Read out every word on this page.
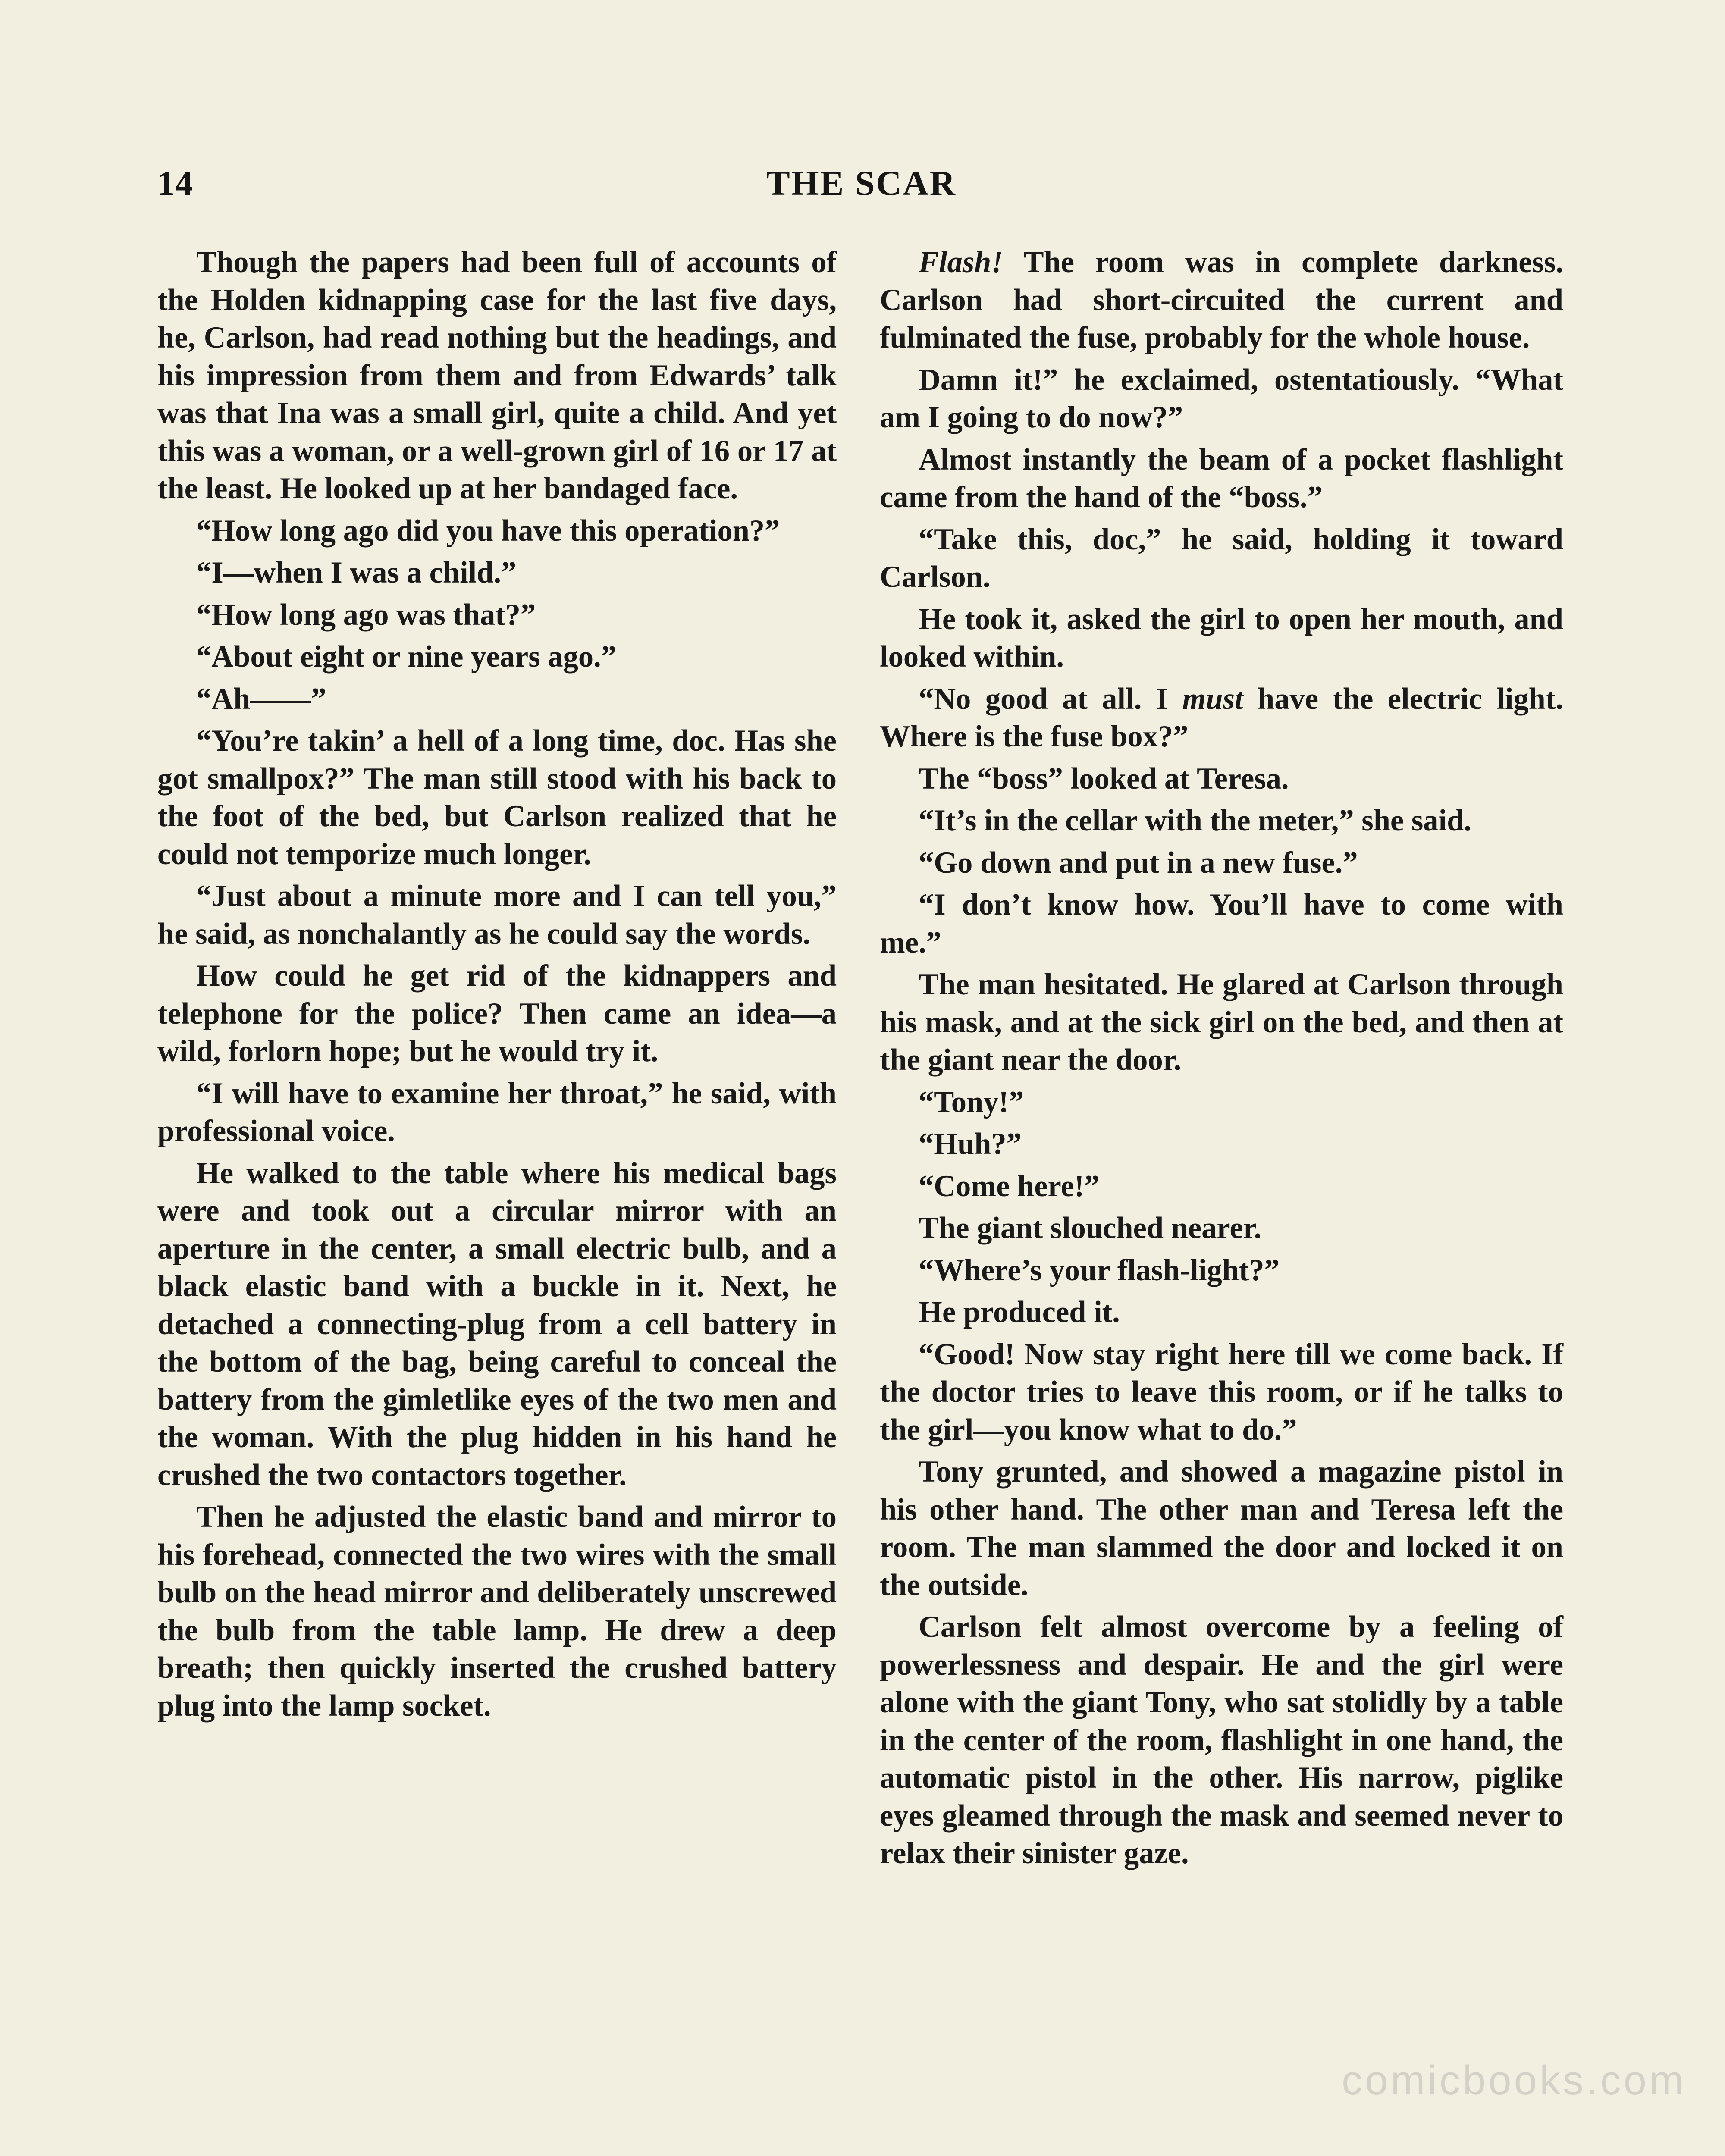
14	THE SCAR

Though the papers had been full of accounts of the Holden kidnapping case for the last five days, he, Carlson, had read nothing but the headings, and his impression from them and from Edwards’ talk was that Ina was a small girl, quite a child. And yet this was a woman, or a well-grown girl of 16 or 17 at the least. He looked up at her bandaged face.

“How long ago did you have this operation?”

“I—when I was a child.”

“How long ago was that?”

“About eight or nine years ago.”

“Ah——”

“You’re takin’ a hell of a long time, doc. Has she got smallpox?” The man still stood with his back to the foot of the bed, but Carlson realized that he could not temporize much longer.

“Just about a minute more and I can tell you,” he said, as nonchalantly as he could say the words.

How could he get rid of the kidnappers and telephone for the police? Then came an idea—a wild, forlorn hope; but he would try it.

“I will have to examine her throat,” he said, with professional voice.

He walked to the table where his medical bags were and took out a circular mirror with an aperture in the center, a small electric bulb, and a black elastic band with a buckle in it. Next, he detached a connecting-plug from a cell battery in the bottom of the bag, being careful to conceal the battery from the gimletlike eyes of the two men and the woman. With the plug hidden in his hand he crushed the two contactors together.

Then he adjusted the elastic band and mirror to his forehead, connected the two wires with the small bulb on the head mirror and deliberately unscrewed the bulb from the table lamp. He drew a deep breath; then quickly inserted the crushed battery plug into the lamp socket.

Flash! The room was in complete darkness. Carlson had short-circuited the current and fulminated the fuse, probably for the whole house.

Damn it!” he exclaimed, ostentatiously. “What am I going to do now?”

Almost instantly the beam of a pocket flashlight came from the hand of the “boss.”

“Take this, doc,” he said, holding it toward Carlson.

He took it, asked the girl to open her mouth, and looked within.

“No good at all. I must have the electric light. Where is the fuse box?”

The “boss” looked at Teresa.

“It’s in the cellar with the meter,” she said.

“Go down and put in a new fuse.”

“I don’t know how. You’ll have to come with me.”

The man hesitated. He glared at Carlson through his mask, and at the sick girl on the bed, and then at the giant near the door.

“Tony!”

“Huh?”

“Come here!”

The giant slouched nearer.

“Where’s your flash-light?”

He produced it.

“Good! Now stay right here till we come back. If the doctor tries to leave this room, or if he talks to the girl—you know what to do.”

Tony grunted, and showed a magazine pistol in his other hand. The other man and Teresa left the room. The man slammed the door and locked it on the outside.

Carlson felt almost overcome by a feeling of powerlessness and despair. He and the girl were alone with the giant Tony, who sat stolidly by a table in the center of the room, flashlight in one hand, the automatic pistol in the other. His narrow, piglike eyes gleamed through the mask and seemed never to relax their sinister gaze.

comicbooks.com
